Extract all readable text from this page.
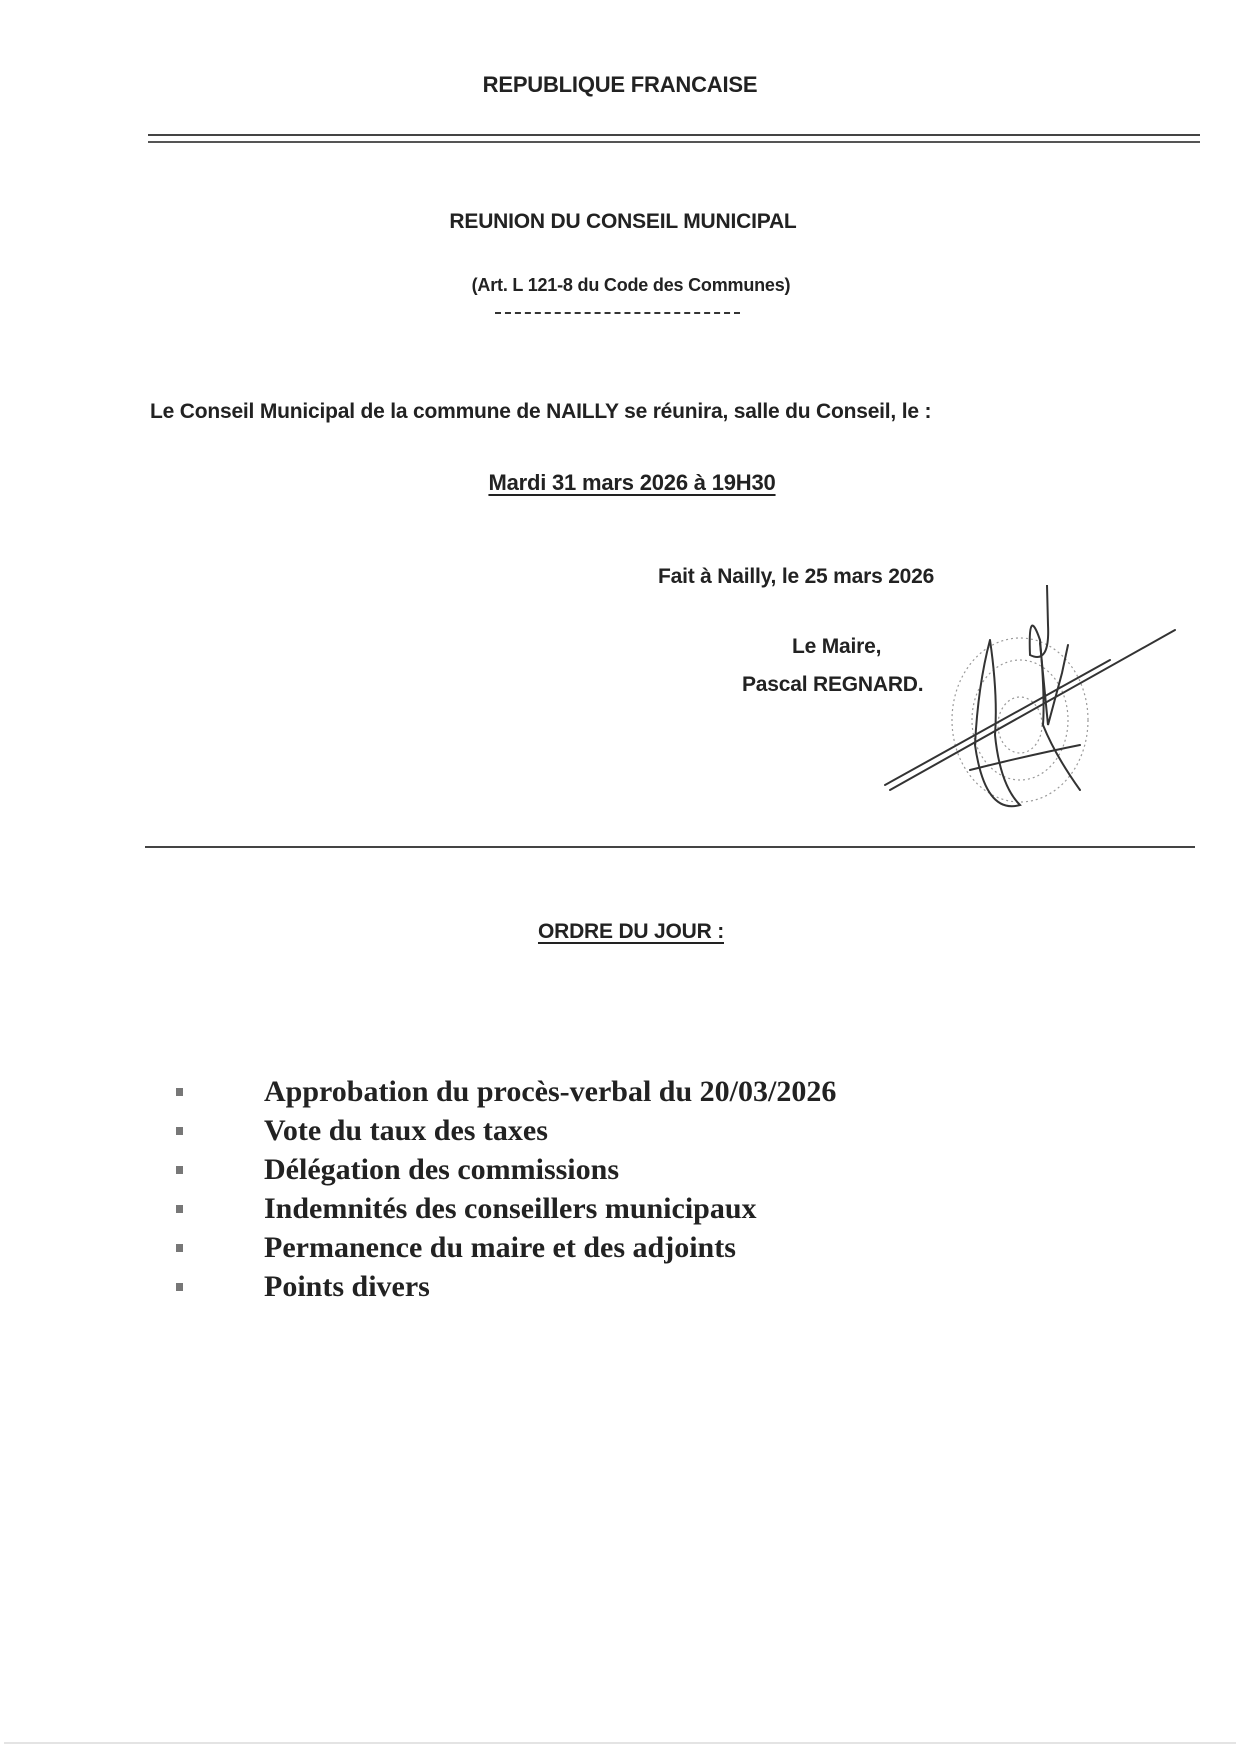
REPUBLIQUE FRANCAISE
REUNION DU CONSEIL MUNICIPAL
(Art. L 121-8 du Code des Communes)
Le Conseil Municipal de la commune de NAILLY se réunira, salle du Conseil, le :
Mardi 31 mars 2026 à 19H30
Fait à Nailly, le 25 mars 2026
Le Maire,
Pascal REGNARD.
ORDRE DU JOUR :
Approbation du procès-verbal du 20/03/2026
Vote du taux des taxes
Délégation des commissions
Indemnités des conseillers municipaux
Permanence du maire et des adjoints
Points divers
